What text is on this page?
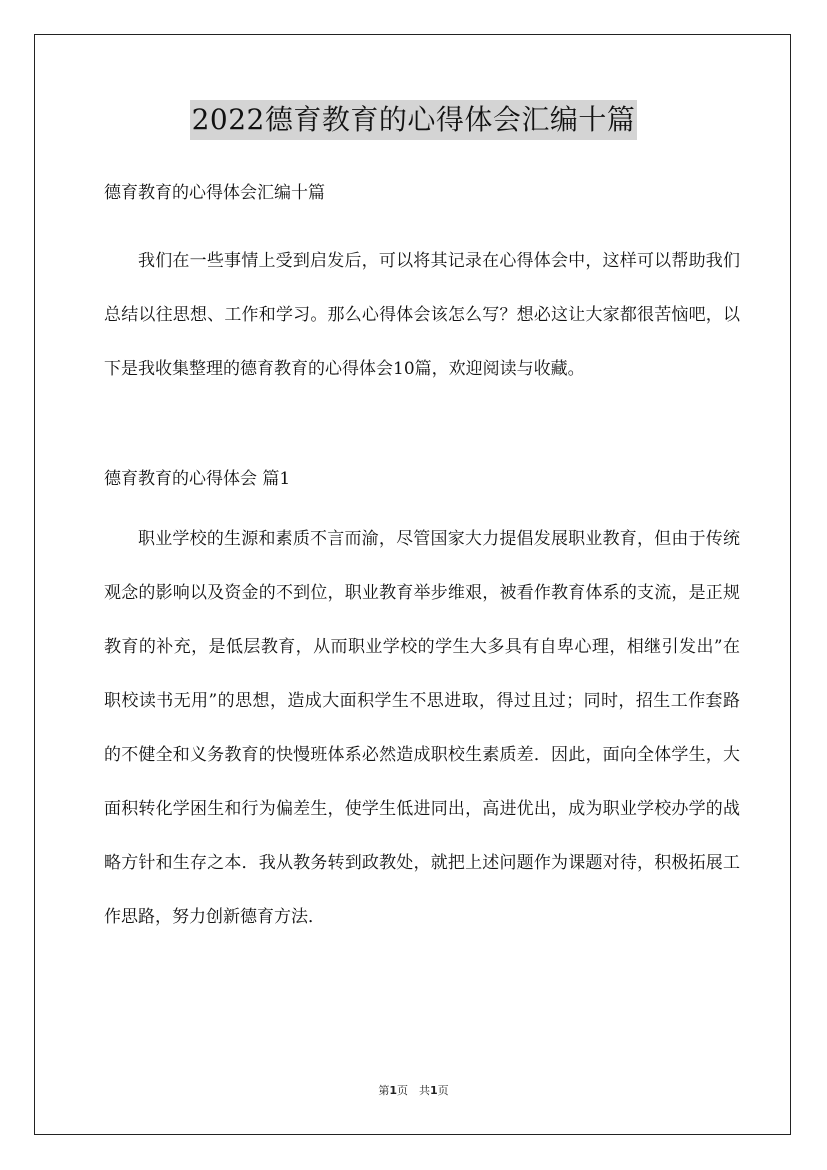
2022德育教育的心得体会汇编十篇

德育教育的心得体会汇编十篇

我们在一些事情上受到启发后，可以将其记录在心得体会中，这样可以帮助我们总结以往思想、工作和学习。那么心得体会该怎么写？想必这让大家都很苦恼吧，以下是我收集整理的德育教育的心得体会10篇，欢迎阅读与收藏。

德育教育的心得体会 篇1

职业学校的生源和素质不言而渝，尽管国家大力提倡发展职业教育，但由于传统观念的影响以及资金的不到位，职业教育举步维艰，被看作教育体系的支流，是正规教育的补充，是低层教育，从而职业学校的学生大多具有自卑心理，相继引发出”在职校读书无用”的思想，造成大面积学生不思进取，得过且过；同时，招生工作套路的不健全和义务教育的快慢班体系必然造成职校生素质差．因此，面向全体学生，大面积转化学困生和行为偏差生，使学生低进同出，高进优出，成为职业学校办学的战略方针和生存之本．我从教务转到政教处，就把上述问题作为课题对待，积极拓展工作思路，努力创新德育方法．

第1页　共1页
